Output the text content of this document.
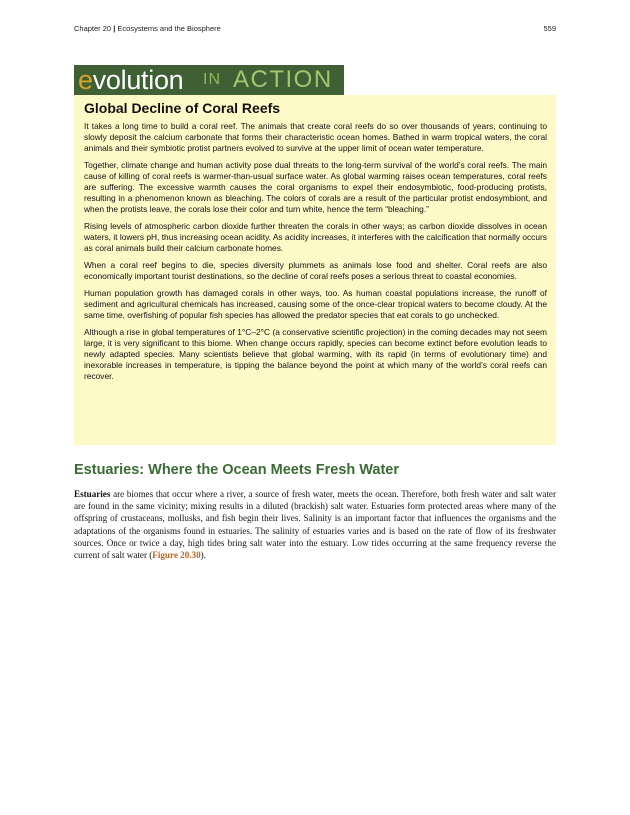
Chapter 20 | Ecosystems and the Biosphere	559
evolution IN ACTION
Global Decline of Coral Reefs

It takes a long time to build a coral reef. The animals that create coral reefs do so over thousands of years, continuing to slowly deposit the calcium carbonate that forms their characteristic ocean homes. Bathed in warm tropical waters, the coral animals and their symbiotic protist partners evolved to survive at the upper limit of ocean water temperature.

Together, climate change and human activity pose dual threats to the long-term survival of the world’s coral reefs. The main cause of killing of coral reefs is warmer-than-usual surface water. As global warming raises ocean temperatures, coral reefs are suffering. The excessive warmth causes the coral organisms to expel their endosymbiotic, food-producing protists, resulting in a phenomenon known as bleaching. The colors of corals are a result of the particular protist endosymbiont, and when the protists leave, the corals lose their color and turn white, hence the term “bleaching.”

Rising levels of atmospheric carbon dioxide further threaten the corals in other ways; as carbon dioxide dissolves in ocean waters, it lowers pH, thus increasing ocean acidity. As acidity increases, it interferes with the calcification that normally occurs as coral animals build their calcium carbonate homes.

When a coral reef begins to die, species diversity plummets as animals lose food and shelter. Coral reefs are also economically important tourist destinations, so the decline of coral reefs poses a serious threat to coastal economies.

Human population growth has damaged corals in other ways, too. As human coastal populations increase, the runoff of sediment and agricultural chemicals has increased, causing some of the once-clear tropical waters to become cloudy. At the same time, overfishing of popular fish species has allowed the predator species that eat corals to go unchecked.

Although a rise in global temperatures of 1°C–2°C (a conservative scientific projection) in the coming decades may not seem large, it is very significant to this biome. When change occurs rapidly, species can become extinct before evolution leads to newly adapted species. Many scientists believe that global warming, with its rapid (in terms of evolutionary time) and inexorable increases in temperature, is tipping the balance beyond the point at which many of the world’s coral reefs can recover.

Estuaries: Where the Ocean Meets Fresh Water

Estuaries are biomes that occur where a river, a source of fresh water, meets the ocean. Therefore, both fresh water and salt water are found in the same vicinity; mixing results in a diluted (brackish) salt water. Estuaries form protected areas where many of the offspring of crustaceans, mollusks, and fish begin their lives. Salinity is an important factor that influences the organisms and the adaptations of the organisms found in estuaries. The salinity of estuaries varies and is based on the rate of flow of its freshwater sources. Once or twice a day, high tides bring salt water into the estuary. Low tides occurring at the same frequency reverse the current of salt water (Figure 20.30).
